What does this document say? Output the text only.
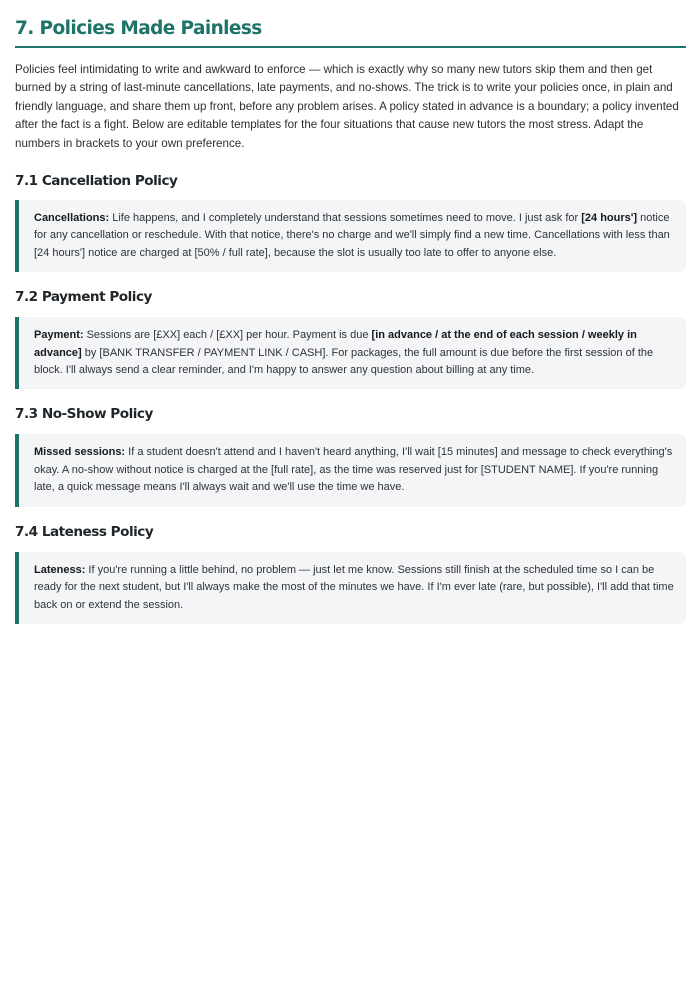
7. Policies Made Painless

Policies feel intimidating to write and awkward to enforce — which is exactly why so many new tutors skip them and then get burned by a string of last-minute cancellations, late payments, and no-shows. The trick is to write your policies once, in plain and friendly language, and share them up front, before any problem arises. A policy stated in advance is a boundary; a policy invented after the fact is a fight. Below are editable templates for the four situations that cause new tutors the most stress. Adapt the numbers in brackets to your own preference.

7.1 Cancellation Policy
Cancellations: Life happens, and I completely understand that sessions sometimes need to move. I just ask for [24 hours'] notice for any cancellation or reschedule. With that notice, there's no charge and we'll simply find a new time. Cancellations with less than [24 hours'] notice are charged at [50% / full rate], because the slot is usually too late to offer to anyone else.
7.2 Payment Policy
Payment: Sessions are [£XX] each / [£XX] per hour. Payment is due [in advance / at the end of each session / weekly in advance] by [BANK TRANSFER / PAYMENT LINK / CASH]. For packages, the full amount is due before the first session of the block. I'll always send a clear reminder, and I'm happy to answer any question about billing at any time.
7.3 No-Show Policy
Missed sessions: If a student doesn't attend and I haven't heard anything, I'll wait [15 minutes] and message to check everything's okay. A no-show without notice is charged at the [full rate], as the time was reserved just for [STUDENT NAME]. If you're running late, a quick message means I'll always wait and we'll use the time we have.
7.4 Lateness Policy
Lateness: If you're running a little behind, no problem — just let me know. Sessions still finish at the scheduled time so I can be ready for the next student, but I'll always make the most of the minutes we have. If I'm ever late (rare, but possible), I'll add that time back on or extend the session.
